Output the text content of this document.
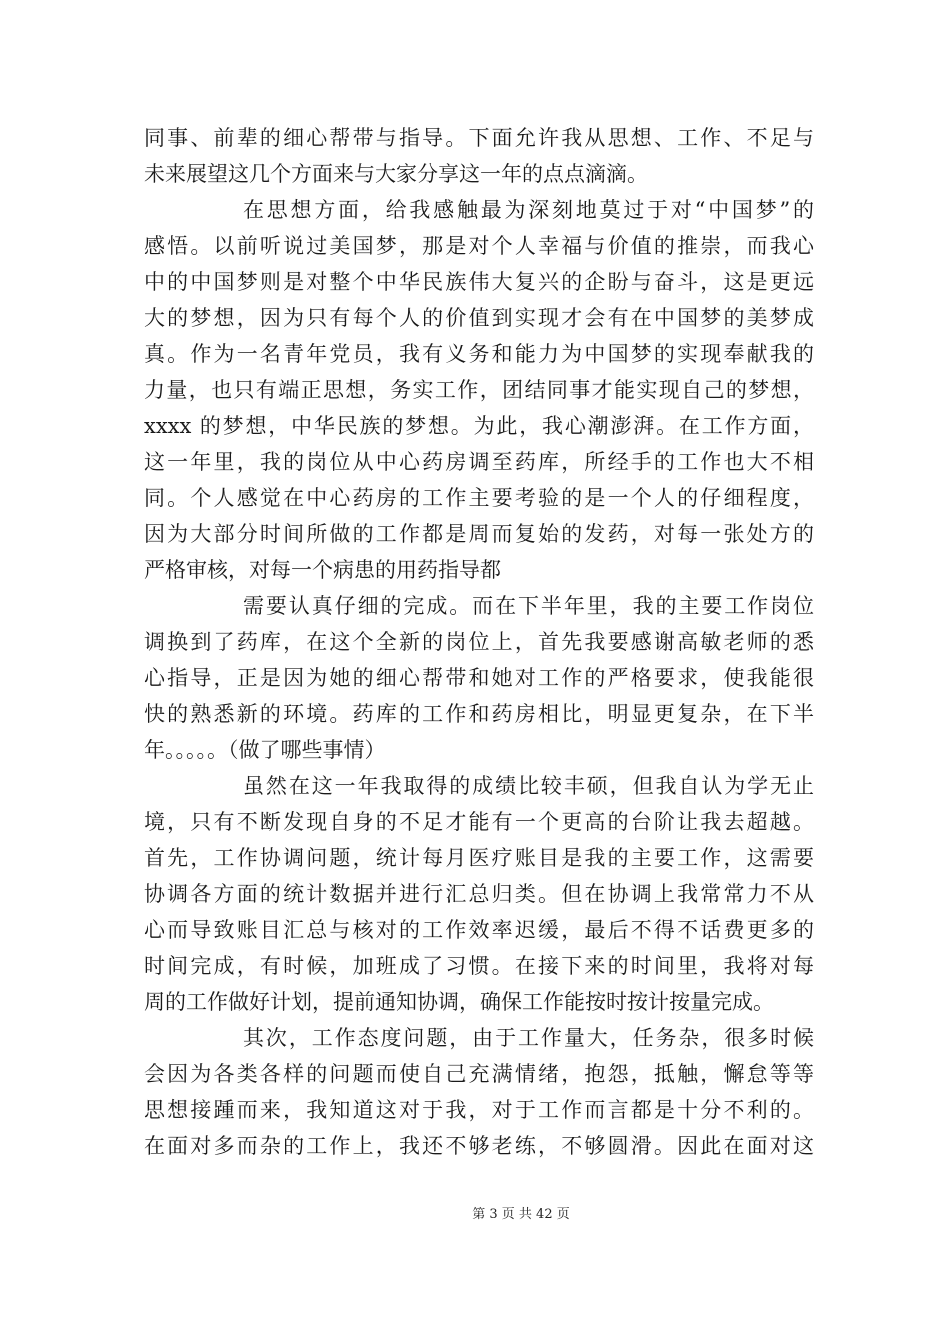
同事、前辈的细心帮带与指导。下面允许我从思想、工作、不足与

未来展望这几个方面来与大家分享这一年的点点滴滴。

在思想方面，给我感触最为深刻地莫过于对“中国梦”的

感悟。以前听说过美国梦，那是对个人幸福与价值的推崇，而我心

中的中国梦则是对整个中华民族伟大复兴的企盼与奋斗，这是更远

大的梦想，因为只有每个人的价值到实现才会有在中国梦的美梦成

真。作为一名青年党员，我有义务和能力为中国梦的实现奉献我的

力量，也只有端正思想，务实工作，团结同事才能实现自己的梦想，

xxxx 的梦想，中华民族的梦想。为此，我心潮澎湃。在工作方面，

这一年里，我的岗位从中心药房调至药库，所经手的工作也大不相

同。个人感觉在中心药房的工作主要考验的是一个人的仔细程度，

因为大部分时间所做的工作都是周而复始的发药，对每一张处方的

严格审核，对每一个病患的用药指导都

需要认真仔细的完成。而在下半年里，我的主要工作岗位

调换到了药库，在这个全新的岗位上，首先我要感谢高敏老师的悉

心指导，正是因为她的细心帮带和她对工作的严格要求，使我能很

快的熟悉新的环境。药库的工作和药房相比，明显更复杂，在下半

年。。。。。（做了哪些事情）

虽然在这一年我取得的成绩比较丰硕，但我自认为学无止

境，只有不断发现自身的不足才能有一个更高的台阶让我去超越。

首先，工作协调问题，统计每月医疗账目是我的主要工作，这需要

协调各方面的统计数据并进行汇总归类。但在协调上我常常力不从

心而导致账目汇总与核对的工作效率迟缓，最后不得不话费更多的

时间完成，有时候，加班成了习惯。在接下来的时间里，我将对每

周的工作做好计划，提前通知协调，确保工作能按时按计按量完成。

其次，工作态度问题，由于工作量大，任务杂，很多时候

会因为各类各样的问题而使自己充满情绪，抱怨，抵触，懈怠等等

思想接踵而来，我知道这对于我，对于工作而言都是十分不利的。

在面对多而杂的工作上，我还不够老练，不够圆滑。因此在面对这

第 3 页 共 42 页
